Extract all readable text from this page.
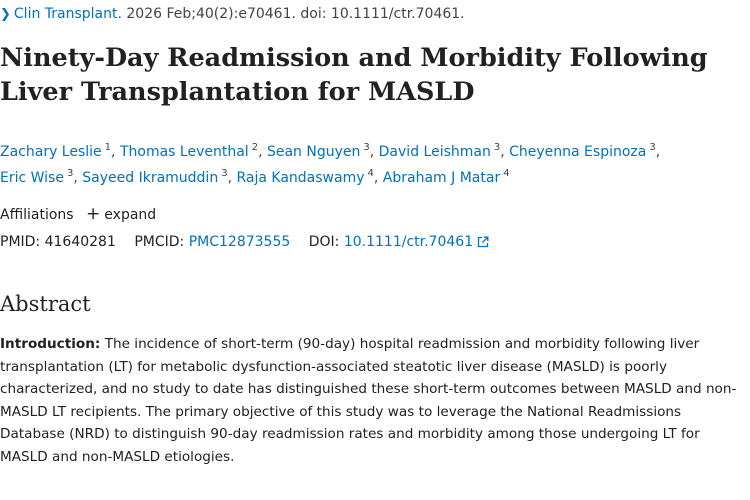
❯ Clin Transplant. 2026 Feb;40(2):e70461. doi: 10.1111/ctr.70461.
Ninety-Day Readmission and Morbidity Following Liver Transplantation for MASLD
Zachary Leslie $^1$, Thomas Leventhal $^2$, Sean Nguyen $^3$, David Leishman $^3$, Cheyenna Espinoza $^3$,
Eric Wise $^3$, Sayeed Ikramuddin $^3$, Raja Kandaswamy $^4$, Abraham J Matar $^4$
Affiliations + expand
PMID: 41640281 PMCID: PMC12873555 DOI: 10.1111/ctr.70461
Abstract
Introduction: The incidence of short-term (90-day) hospital readmission and morbidity following liver transplantation (LT) for metabolic dysfunction-associated steatotic liver disease (MASLD) is poorly characterized, and no study to date has distinguished these short-term outcomes between MASLD and non-MASLD LT recipients. The primary objective of this study was to leverage the National Readmissions Database (NRD) to distinguish 90-day readmission rates and morbidity among those undergoing LT for MASLD and non-MASLD etiologies.
